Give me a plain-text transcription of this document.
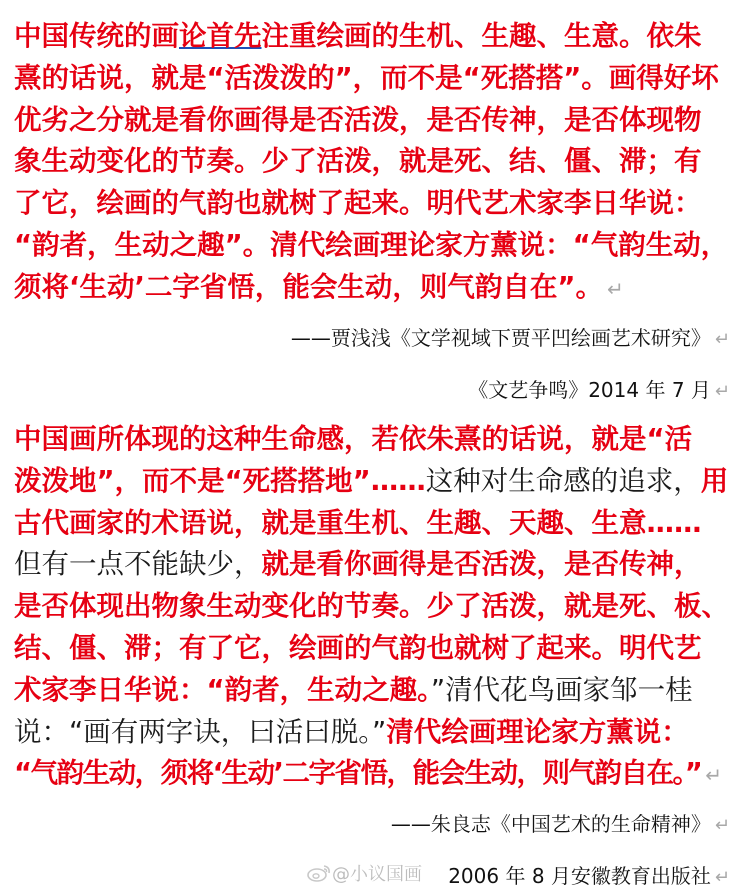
中国传统的画论首先注重绘画的生机、生趣、生意。依朱
熹的话说，就是“活泼泼的”，而不是“死搭搭”。画得好坏
优劣之分就是看你画得是否活泼，是否传神，是否体现物
象生动变化的节奏。少了活泼，就是死、结、僵、滞；有
了它，绘画的气韵也就树了起来。明代艺术家李日华说：
“韵者，生动之趣”。清代绘画理论家方薰说：“气韵生动，
须将‘生动’二字省悟，能会生动，则气韵自在”。 ↵
——贾浅浅《文学视域下贾平凹绘画艺术研究》 ↵
《文艺争鸣》2014 年 7 月 ↵
中国画所体现的这种生命感，若依朱熹的话说，就是“活
泼泼地”，而不是“死搭搭地”……这种对生命感的追求，用
古代画家的术语说，就是重生机、生趣、天趣、生意……
但有一点不能缺少，就是看你画得是否活泼，是否传神，
是否体现出物象生动变化的节奏。少了活泼，就是死、板、
结、僵、滞；有了它，绘画的气韵也就树了起来。明代艺
术家李日华说：“韵者，生动之趣。”清代花鸟画家邹一桂
说：“画有两字诀，曰活曰脱。”清代绘画理论家方薰说：
“气韵生动，须将‘生动’二字省悟，能会生动，则气韵自在。” ↵
——朱良志《中国艺术的生命精神》 ↵
2006 年 8 月安徽教育出版社 ↵
@小议国画
